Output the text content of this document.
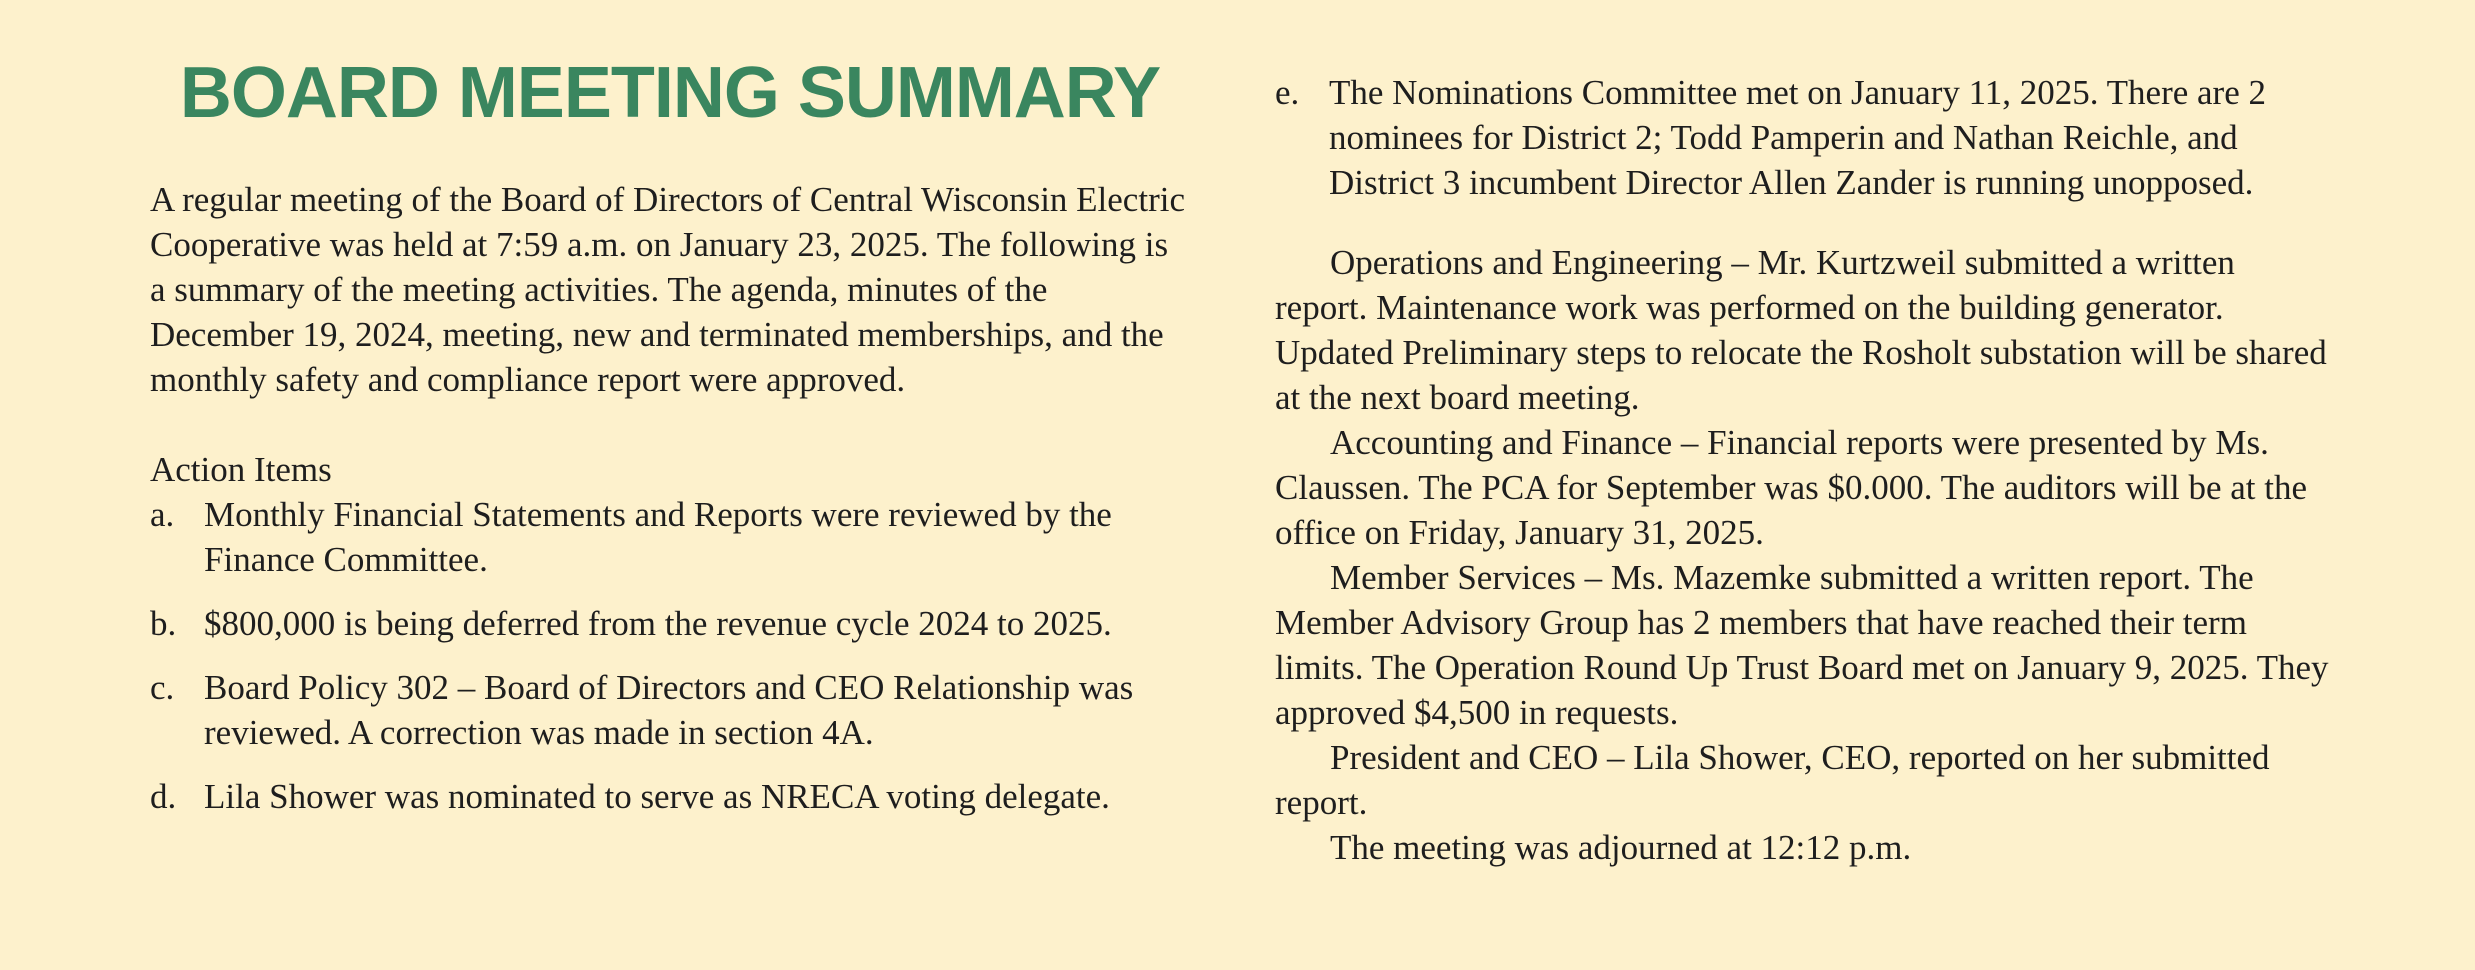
BOARD MEETING SUMMARY

A regular meeting of the Board of Directors of Central Wisconsin Electric Cooperative was held at 7:59 a.m. on January 23, 2025. The following is a summary of the meeting activities. The agenda, minutes of the December 19, 2024, meeting, new and terminated memberships, and the monthly safety and compliance report were approved.

Action Items

a. Monthly Financial Statements and Reports were reviewed by the Finance Committee.
b. $800,000 is being deferred from the revenue cycle 2024 to 2025.
c. Board Policy 302 – Board of Directors and CEO Relationship was reviewed. A correction was made in section 4A.
d. Lila Shower was nominated to serve as NRECA voting delegate.
e. The Nominations Committee met on January 11, 2025. There are 2 nominees for District 2; Todd Pamperin and Nathan Reichle, and District 3 incumbent Director Allen Zander is running unopposed.

Operations and Engineering – Mr. Kurtzweil submitted a written report. Maintenance work was performed on the building generator. Updated Preliminary steps to relocate the Rosholt substation will be shared at the next board meeting.

Accounting and Finance – Financial reports were presented by Ms. Claussen. The PCA for September was $0.000. The auditors will be at the office on Friday, January 31, 2025.

Member Services – Ms. Mazemke submitted a written report. The Member Advisory Group has 2 members that have reached their term limits. The Operation Round Up Trust Board met on January 9, 2025. They approved $4,500 in requests.

President and CEO – Lila Shower, CEO, reported on her submitted report.

The meeting was adjourned at 12:12 p.m.
